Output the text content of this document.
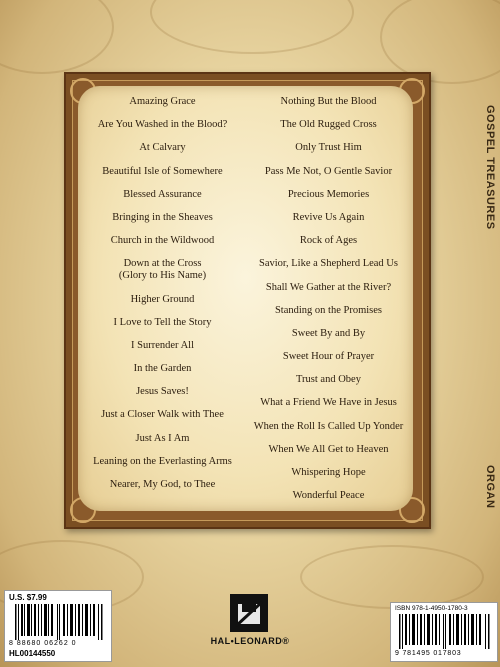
GOSPEL TREASURES
ORGAN
Amazing Grace
Are You Washed in the Blood?
At Calvary
Beautiful Isle of Somewhere
Blessed Assurance
Bringing in the Sheaves
Church in the Wildwood
Down at the Cross
(Glory to His Name)
Higher Ground
I Love to Tell the Story
I Surrender All
In the Garden
Jesus Saves!
Just a Closer Walk with Thee
Just As I Am
Leaning on the Everlasting Arms
Nearer, My God, to Thee
Nothing But the Blood
The Old Rugged Cross
Only Trust Him
Pass Me Not, O Gentle Savior
Precious Memories
Revive Us Again
Rock of Ages
Savior, Like a Shepherd Lead Us
Shall We Gather at the River?
Standing on the Promises
Sweet By and By
Sweet Hour of Prayer
Trust and Obey
What a Friend We Have in Jesus
When the Roll Is Called Up Yonder
When We All Get to Heaven
Whispering Hope
Wonderful Peace
U.S. $7.99
8 88680 06262 0
HL00144550
HAL•LEONARD®
ISBN 978-1-4950-1780-3
9 781495 017803
